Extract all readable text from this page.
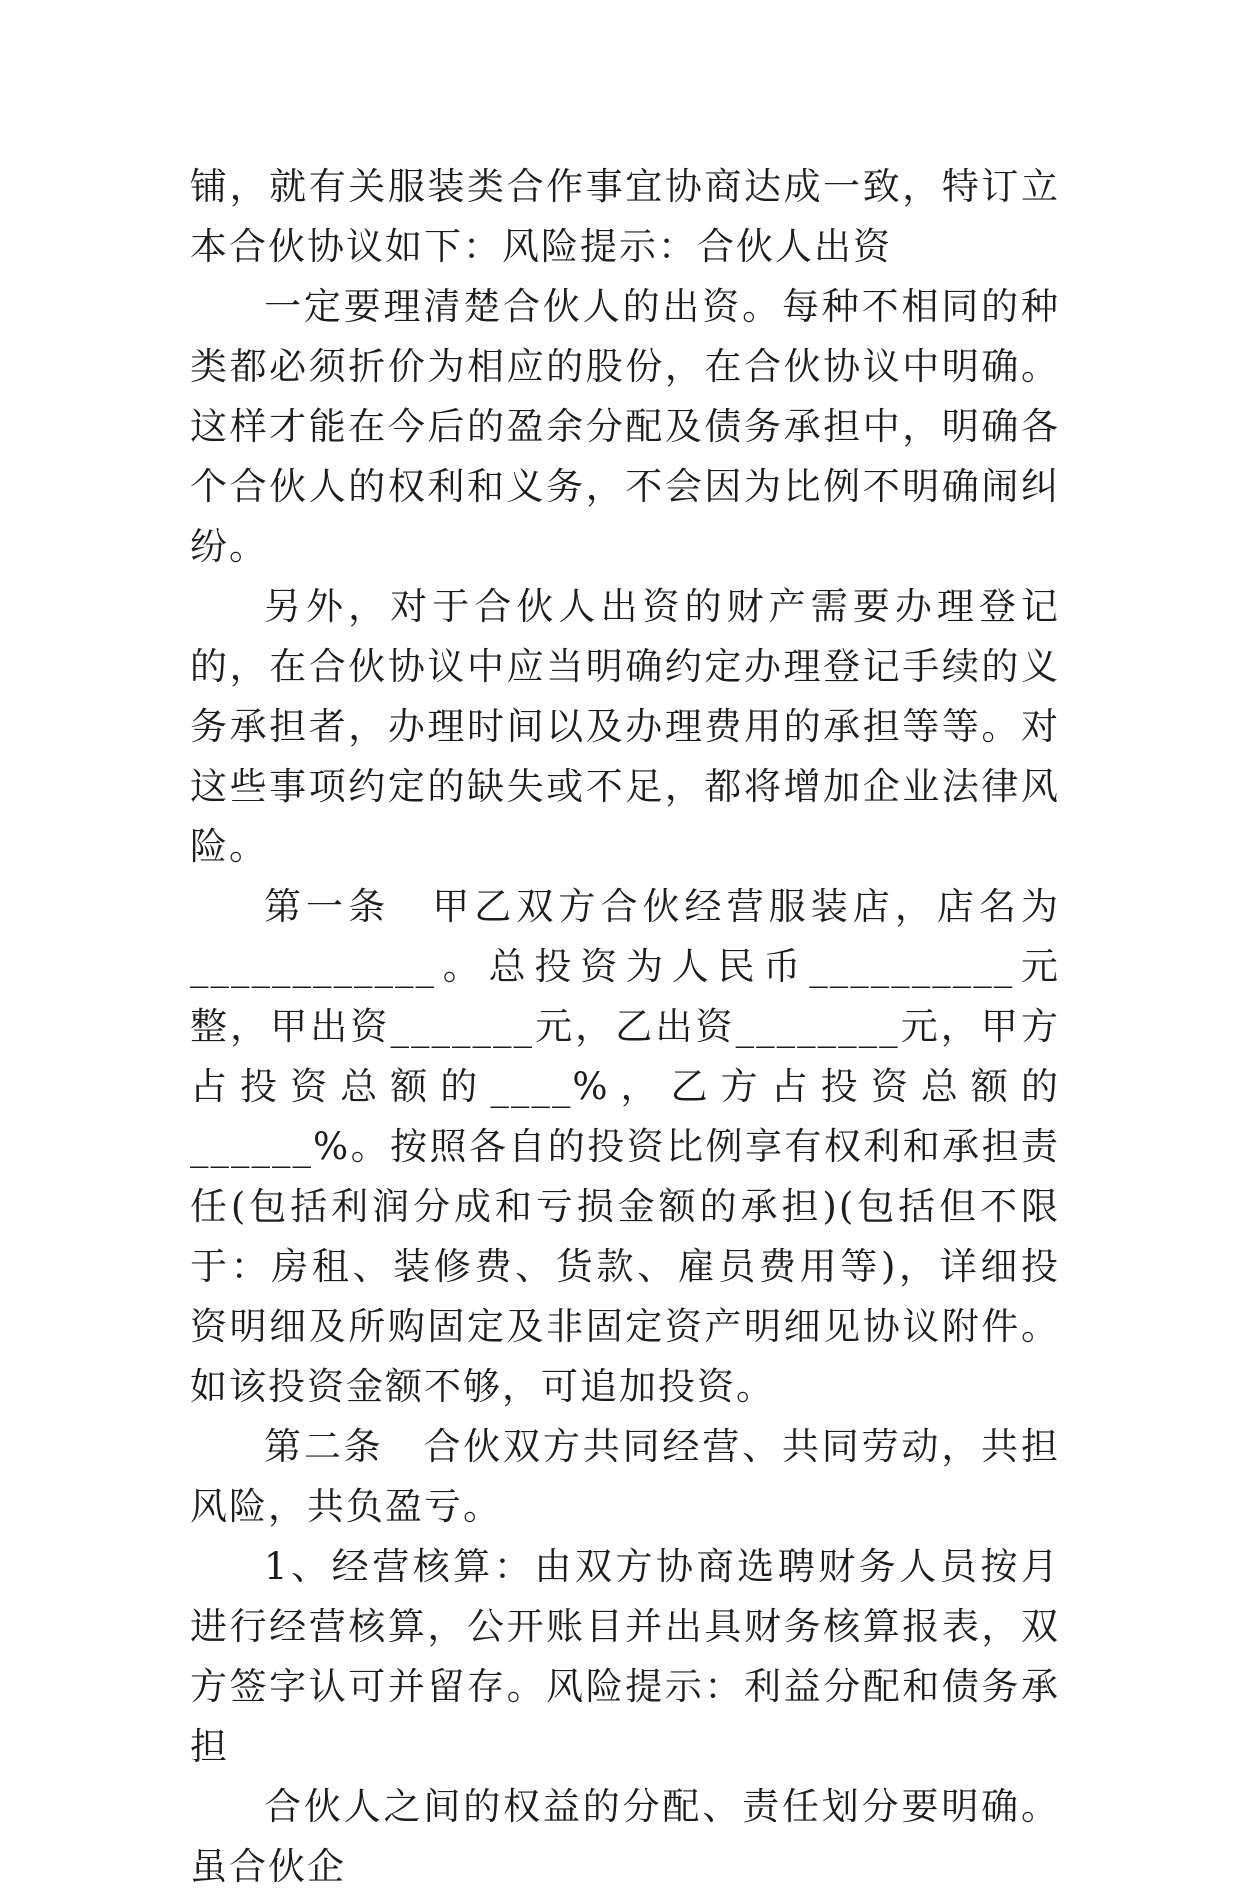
铺，就有关服装类合作事宜协商达成一致，特订立本合伙协议如下：风险提示：合伙人出资

一定要理清楚合伙人的出资。每种不相同的种类都必须折价为相应的股份，在合伙协议中明确。这样才能在今后的盈余分配及债务承担中，明确各个合伙人的权利和义务，不会因为比例不明确闹纠纷。

另外，对于合伙人出资的财产需要办理登记的，在合伙协议中应当明确约定办理登记手续的义务承担者，办理时间以及办理费用的承担等等。对这些事项约定的缺失或不足，都将增加企业法律风险。

第一条　甲乙双方合伙经营服装店，店名为____________。总投资为人民币__________元整，甲出资_______元，乙出资________元，甲方占投资总额的____%，乙方占投资总额的______%。按照各自的投资比例享有权利和承担责任(包括利润分成和亏损金额的承担)(包括但不限于：房租、装修费、货款、雇员费用等)，详细投资明细及所购固定及非固定资产明细见协议附件。如该投资金额不够，可追加投资。

第二条　合伙双方共同经营、共同劳动，共担风险，共负盈亏。

1、经营核算：由双方协商选聘财务人员按月进行经营核算，公开账目并出具财务核算报表，双方签字认可并留存。风险提示：利益分配和债务承担

合伙人之间的权益的分配、责任划分要明确。虽合伙企
